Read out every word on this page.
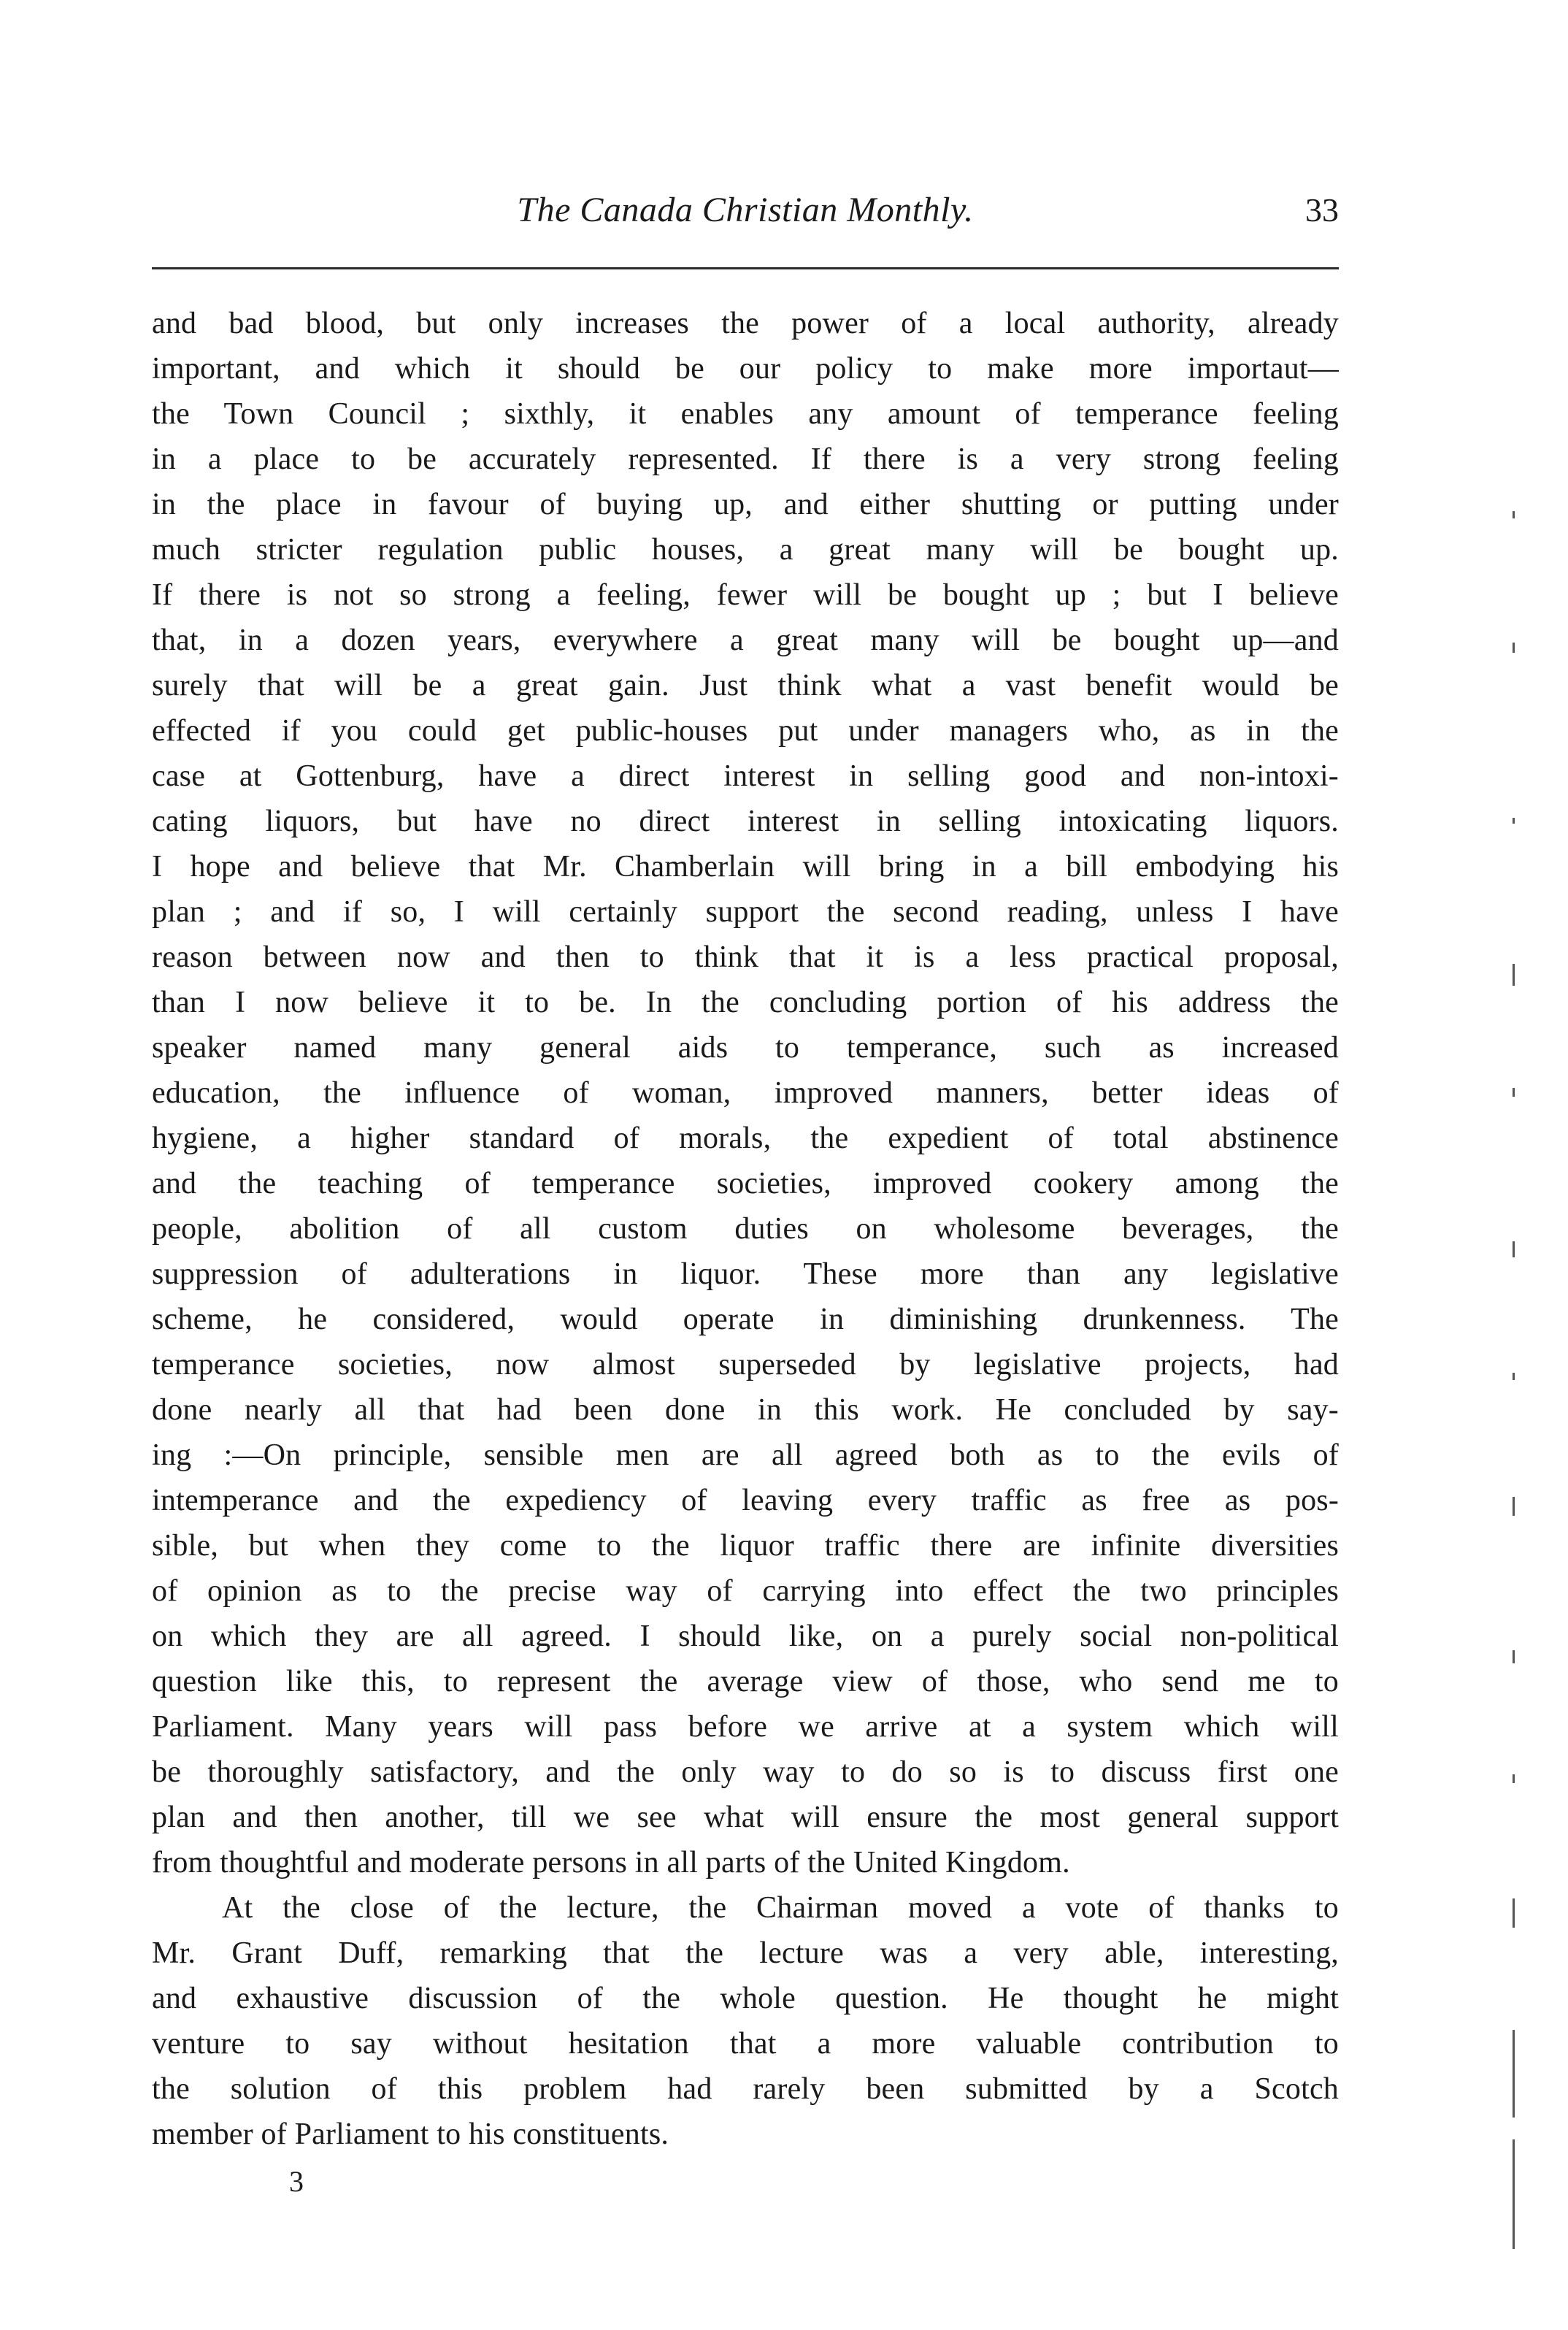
The Canada Christian Monthly.	33
and bad blood, but only increases the power of a local authority, already
important, and which it should be our policy to make more importaut—
the Town Council ; sixthly, it enables any amount of temperance feeling
in a place to be accurately represented. If there is a very strong feeling
in the place in favour of buying up, and either shutting or putting under
much stricter regulation public houses, a great many will be bought up.
If there is not so strong a feeling, fewer will be bought up ; but I believe
that, in a dozen years, everywhere a great many will be bought up—and
surely that will be a great gain. Just think what a vast benefit would be
effected if you could get public-houses put under managers who, as in the
case at Gottenburg, have a direct interest in selling good and non-intoxi-
cating liquors, but have no direct interest in selling intoxicating liquors.
I hope and believe that Mr. Chamberlain will bring in a bill embodying his
plan ; and if so, I will certainly support the second reading, unless I have
reason between now and then to think that it is a less practical proposal,
than I now believe it to be. In the concluding portion of his address the
speaker named many general aids to temperance, such as increased
education, the influence of woman, improved manners, better ideas of
hygiene, a higher standard of morals, the expedient of total abstinence
and the teaching of temperance societies, improved cookery among the
people, abolition of all custom duties on wholesome beverages, the
suppression of adulterations in liquor. These more than any legislative
scheme, he considered, would operate in diminishing drunkenness. The
temperance societies, now almost superseded by legislative projects, had
done nearly all that had been done in this work. He concluded by say-
ing :—On principle, sensible men are all agreed both as to the evils of
intemperance and the expediency of leaving every traffic as free as pos-
sible, but when they come to the liquor traffic there are infinite diversities
of opinion as to the precise way of carrying into effect the two principles
on which they are all agreed. I should like, on a purely social non-political
question like this, to represent the average view of those, who send me to
Parliament. Many years will pass before we arrive at a system which will
be thoroughly satisfactory, and the only way to do so is to discuss first one
plan and then another, till we see what will ensure the most general support
from thoughtful and moderate persons in all parts of the United Kingdom.
At the close of the lecture, the Chairman moved a vote of thanks to
Mr. Grant Duff, remarking that the lecture was a very able, interesting,
and exhaustive discussion of the whole question. He thought he might
venture to say without hesitation that a more valuable contribution to
the solution of this problem had rarely been submitted by a Scotch
member of Parliament to his constituents.
3
